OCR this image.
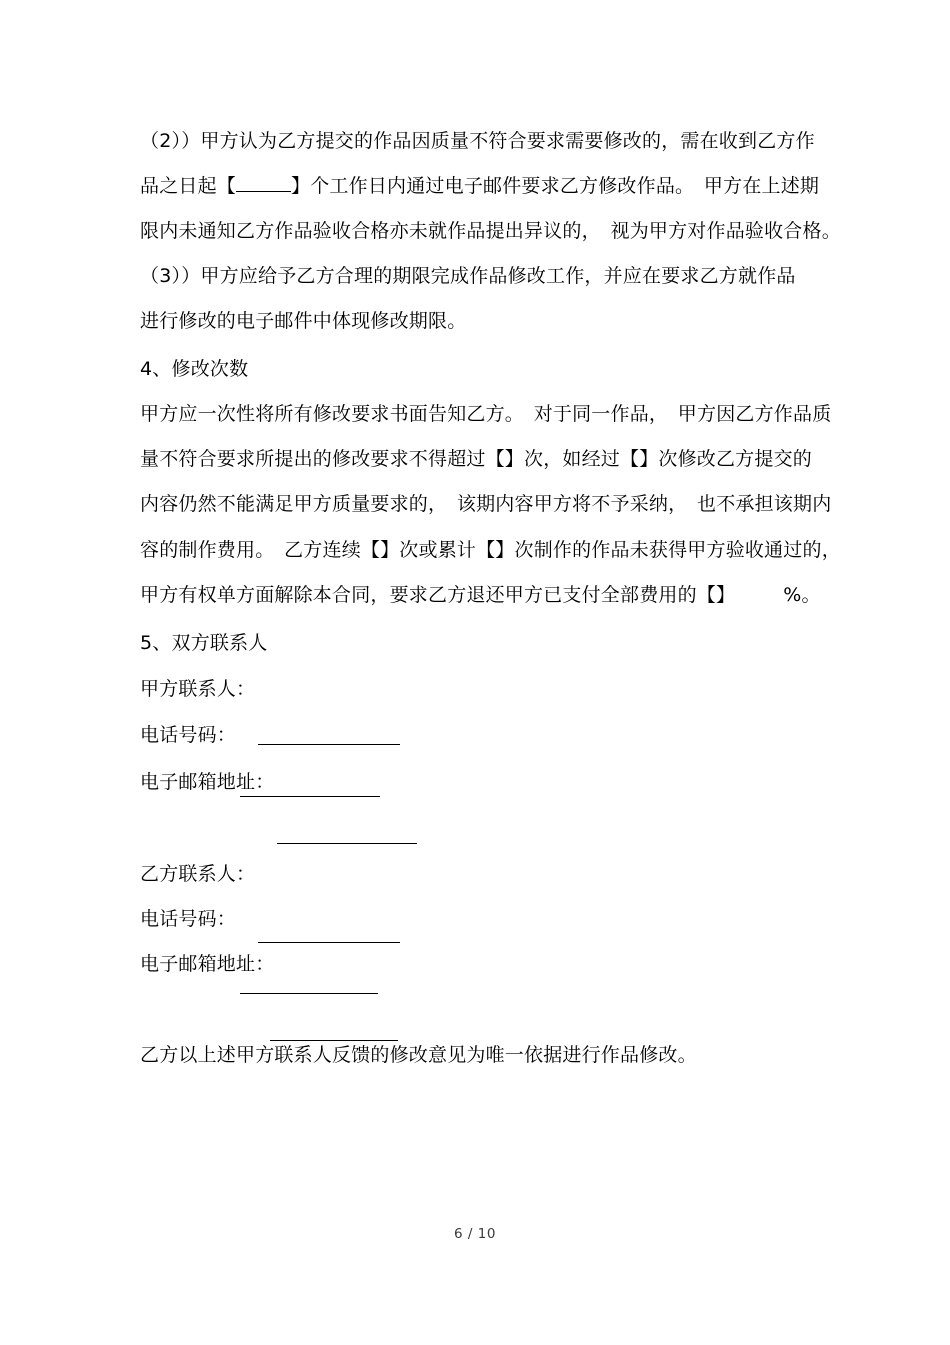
（2））甲方认为乙方提交的作品因质量不符合要求需要修改的，需在收到乙方作
品之日起【	】个工作日内通过电子邮件要求乙方修改作品。　甲方在上述期
限内未通知乙方作品验收合格亦未就作品提出异议的，　视为甲方对作品验收合格。
（3））甲方应给予乙方合理的期限完成作品修改工作，并应在要求乙方就作品
进行修改的电子邮件中体现修改期限。
4、修改次数
甲方应一次性将所有修改要求书面告知乙方。　对于同一作品，　甲方因乙方作品质
量不符合要求所提出的修改要求不得超过【】次，如经过【】次修改乙方提交的
内容仍然不能满足甲方质量要求的，　该期内容甲方将不予采纳，　也不承担该期内
容的制作费用。　乙方连续【】次或累计【】次制作的作品未获得甲方验收通过的，
甲方有权单方面解除本合同，要求乙方退还甲方已支付全部费用的【】　　　%。
5、双方联系人
甲方联系人：
电话号码：
电子邮箱地址：
乙方联系人：
电话号码：
电子邮箱地址：
乙方以上述甲方联系人反馈的修改意见为唯一依据进行作品修改。
6 / 10
